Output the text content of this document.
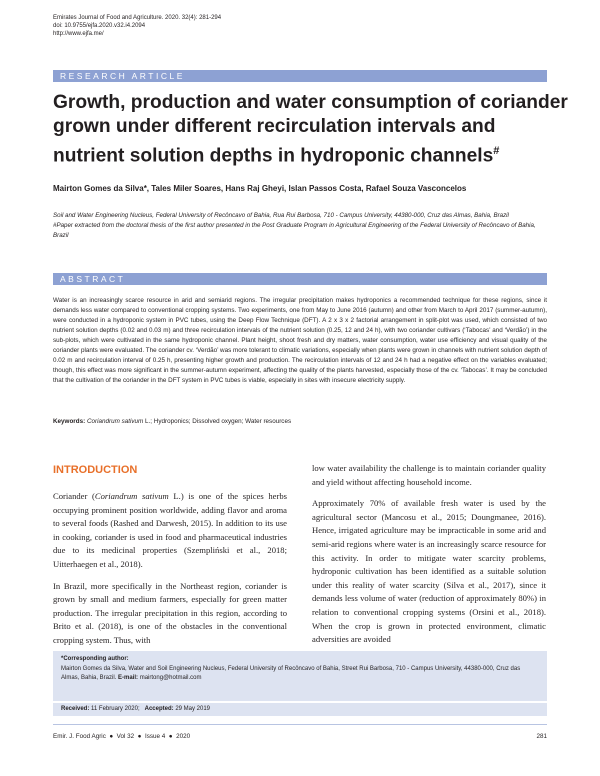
Emirates Journal of Food and Agriculture. 2020. 32(4): 281-294
doi: 10.9755/ejfa.2020.v32.i4.2094
http://www.ejfa.me/
RESEARCH ARTICLE
Growth, production and water consumption of coriander
grown under different recirculation intervals and
nutrient solution depths in hydroponic channels#
Mairton Gomes da Silva*, Tales Miler Soares, Hans Raj Gheyi, Islan Passos Costa, Rafael Souza Vasconcelos

Soil and Water Engineering Nucleus, Federal University of Recôncavo of Bahia, Rua Rui Barbosa, 710 - Campus University, 44380-000, Cruz das Almas, Bahia, Brazil

#Paper extracted from the doctoral thesis of the first author presented in the Post Graduate Program in Agricultural Engineering of the Federal University of Recôncavo of Bahia, Brazil

ABSTRACT
Water is an increasingly scarce resource in arid and semiarid regions. The irregular precipitation makes hydroponics a recommended technique for these regions, since it demands less water compared to conventional cropping systems. Two experiments, one from May to June 2016 (autumn) and other from March to April 2017 (summer-autumn), were conducted in a hydroponic system in PVC tubes, using the Deep Flow Technique (DFT). A 2 x 3 x 2 factorial arrangement in split-plot was used, which consisted of two nutrient solution depths (0.02 and 0.03 m) and three recirculation intervals of the nutrient solution (0.25, 12 and 24 h), with two coriander cultivars (‘Tabocas’ and ‘Verdão’) in the sub-plots, which were cultivated in the same hydroponic channel. Plant height, shoot fresh and dry matters, water consumption, water use efficiency and visual quality of the coriander plants were evaluated. The coriander cv. ‘Verdão’ was more tolerant to climatic variations, especially when plants were grown in channels with nutrient solution depth of 0.02 m and recirculation interval of 0.25 h, presenting higher growth and production. The recirculation intervals of 12 and 24 h had a negative effect on the variables evaluated; though, this effect was more significant in the summer-autumn experiment, affecting the quality of the plants harvested, especially those of the cv. ‘Tabocas’. It may be concluded that the cultivation of the coriander in the DFT system in PVC tubes is viable, especially in sites with insecure electricity supply.
Keywords: Coriandrum sativum L.; Hydroponics; Dissolved oxygen; Water resources
INTRODUCTION

Coriander (Coriandrum sativum L.) is one of the spices herbs occupying prominent position worldwide, adding flavor and aroma to several foods (Rashed and Darwesh, 2015). In addition to its use in cooking, coriander is used in food and pharmaceutical industries due to its medicinal properties (Szempliński et al., 2018; Uitterhaegen et al., 2018).

In Brazil, more specifically in the Northeast region, coriander is grown by small and medium farmers, especially for green matter production. The irregular precipitation in this region, according to Brito et al. (2018), is one of the obstacles in the conventional cropping system. Thus, with

low water availability the challenge is to maintain coriander quality and yield without affecting household income.

Approximately 70% of available fresh water is used by the agricultural sector (Mancosu et al., 2015; Doungmanee, 2016). Hence, irrigated agriculture may be impracticable in some arid and semi-arid regions where water is an increasingly scarce resource for this activity. In order to mitigate water scarcity problems, hydroponic cultivation has been identified as a suitable solution under this reality of water scarcity (Silva et al., 2017), since it demands less volume of water (reduction of approximately 80%) in relation to conventional cropping systems (Orsini et al., 2018). When the crop is grown in protected environment, climatic adversities are avoided

*Corresponding author:
Mairton Gomes da Silva, Water and Soil Engineering Nucleus, Federal University of Recôncavo of Bahia, Street Rui Barbosa, 710 - Campus University, 44380-000, Cruz das Almas, Bahia, Brazil. E-mail: mairtong@hotmail.com
Received: 11 February 2020; Accepted: 29 May 2019
Emir. J. Food Agric  ●  Vol 32  ●  Issue 4  ●  2020	281
